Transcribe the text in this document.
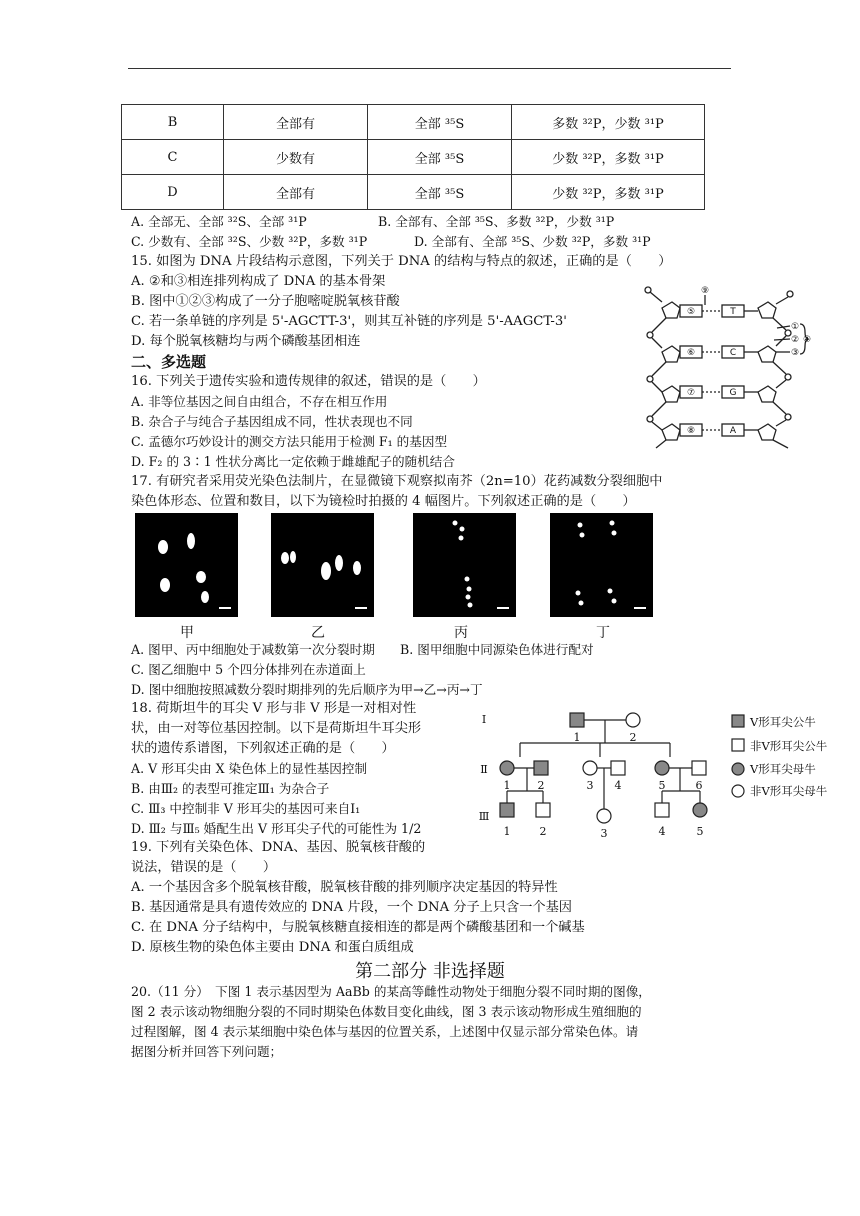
B	全部有	全部 ³⁵S	多数 ³²P，少数 ³¹P
C	少数有	全部 ³⁵S	少数 ³²P，多数 ³¹P
D	全部有	全部 ³⁵S	少数 ³²P，多数 ³¹P
A. 全部无、全部 ³²S、全部 ³¹P	B. 全部有、全部 ³⁵S、多数 ³²P，少数 ³¹P
C. 少数有、全部 ³²S、少数 ³²P，多数 ³¹P	D. 全部有、全部 ³⁵S、少数 ³²P，多数 ³¹P
15. 如图为 DNA 片段结构示意图，下列关于 DNA 的结构与特点的叙述，正确的是（　　）
A. ②和③相连排列构成了 DNA 的基本骨架
B. 图中①②③构成了一分子胞嘧啶脱氧核苷酸
C. 若一条单链的序列是 5'-AGCTT-3'，则其互补链的序列是 5'-AAGCT-3'
D. 每个脱氧核糖均与两个磷酸基团相连
⑤	T
⑥	C
⑦	G
⑧	A
⑨
①
②
③
④
二、多选题
16. 下列关于遗传实验和遗传规律的叙述，错误的是（　　）
A. 非等位基因之间自由组合，不存在相互作用
B. 杂合子与纯合子基因组成不同，性状表现也不同
C. 孟德尔巧妙设计的测交方法只能用于检测 F₁ 的基因型
D. F₂ 的 3∶1 性状分离比一定依赖于雌雄配子的随机结合
17. 有研究者采用荧光染色法制片，在显微镜下观察拟南芥（2n=10）花药减数分裂细胞中
染色体形态、位置和数目，以下为镜检时拍摄的 4 幅图片。下列叙述正确的是（　　）
甲	乙	丙	丁
A. 图甲、丙中细胞处于减数第一次分裂时期　　B. 图甲细胞中同源染色体进行配对
C. 图乙细胞中 5 个四分体排列在赤道面上
D. 图中细胞按照减数分裂时期排列的先后顺序为甲→乙→丙→丁
18. 荷斯坦牛的耳尖 V 形与非 V 形是一对相对性
状，由一对等位基因控制。以下是荷斯坦牛耳尖形
状的遗传系谱图，下列叙述正确的是（　　）
A. V 形耳尖由 X 染色体上的显性基因控制
B. 由Ⅲ₂ 的表型可推定Ⅲ₁ 为杂合子
C. Ⅲ₃ 中控制非 V 形耳尖的基因可来自Ⅰ₁
D. Ⅲ₂ 与Ⅲ₅ 婚配生出 V 形耳尖子代的可能性为 1/2
Ⅰ
Ⅱ
Ⅲ
1	2
1 2	3 4	5	6
1	2	3	4	5
V形耳尖公牛
非V形耳尖公牛
V形耳尖母牛
非V形耳尖母牛
19. 下列有关染色体、DNA、基因、脱氧核苷酸的
说法，错误的是（　　）
A. 一个基因含多个脱氧核苷酸，脱氧核苷酸的排列顺序决定基因的特异性
B. 基因通常是具有遗传效应的 DNA 片段，一个 DNA 分子上只含一个基因
C. 在 DNA 分子结构中，与脱氧核糖直接相连的都是两个磷酸基团和一个碱基
D. 原核生物的染色体主要由 DNA 和蛋白质组成
第二部分 非选择题
20.（11 分）　下图 1 表示基因型为 AaBb 的某高等雌性动物处于细胞分裂不同时期的图像，
图 2 表示该动物细胞分裂的不同时期染色体数目变化曲线，图 3 表示该动物形成生殖细胞的
过程图解，图 4 表示某细胞中染色体与基因的位置关系，上述图中仅显示部分常染色体。请
据图分析并回答下列问题；
